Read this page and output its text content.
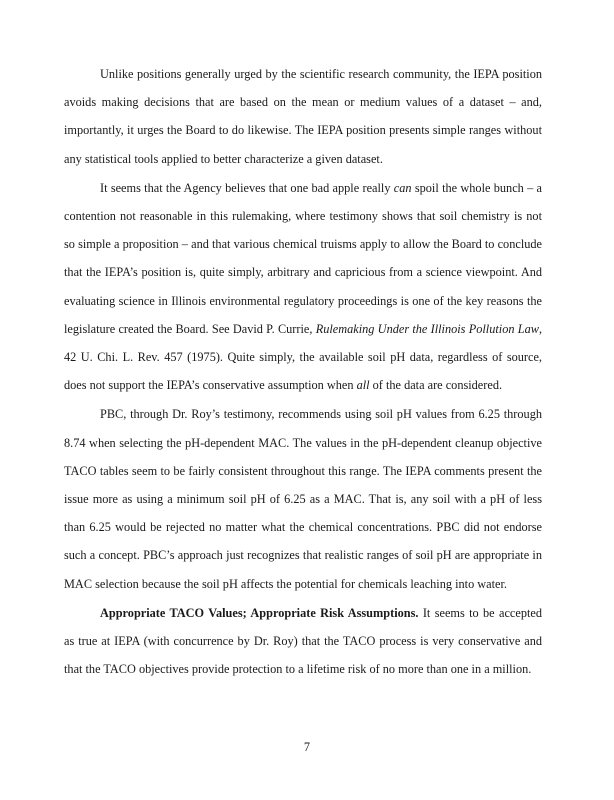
Unlike positions generally urged by the scientific research community, the IEPA position avoids making decisions that are based on the mean or medium values of a dataset – and, importantly, it urges the Board to do likewise. The IEPA position presents simple ranges without any statistical tools applied to better characterize a given dataset.

It seems that the Agency believes that one bad apple really can spoil the whole bunch – a contention not reasonable in this rulemaking, where testimony shows that soil chemistry is not so simple a proposition – and that various chemical truisms apply to allow the Board to conclude that the IEPA’s position is, quite simply, arbitrary and capricious from a science viewpoint. And evaluating science in Illinois environmental regulatory proceedings is one of the key reasons the legislature created the Board. See David P. Currie, Rulemaking Under the Illinois Pollution Law, 42 U. Chi. L. Rev. 457 (1975). Quite simply, the available soil pH data, regardless of source, does not support the IEPA’s conservative assumption when all of the data are considered.

PBC, through Dr. Roy’s testimony, recommends using soil pH values from 6.25 through 8.74 when selecting the pH-dependent MAC. The values in the pH-dependent cleanup objective TACO tables seem to be fairly consistent throughout this range. The IEPA comments present the issue more as using a minimum soil pH of 6.25 as a MAC. That is, any soil with a pH of less than 6.25 would be rejected no matter what the chemical concentrations. PBC did not endorse such a concept. PBC’s approach just recognizes that realistic ranges of soil pH are appropriate in MAC selection because the soil pH affects the potential for chemicals leaching into water.

Appropriate TACO Values; Appropriate Risk Assumptions. It seems to be accepted as true at IEPA (with concurrence by Dr. Roy) that the TACO process is very conservative and that the TACO objectives provide protection to a lifetime risk of no more than one in a million.

7
